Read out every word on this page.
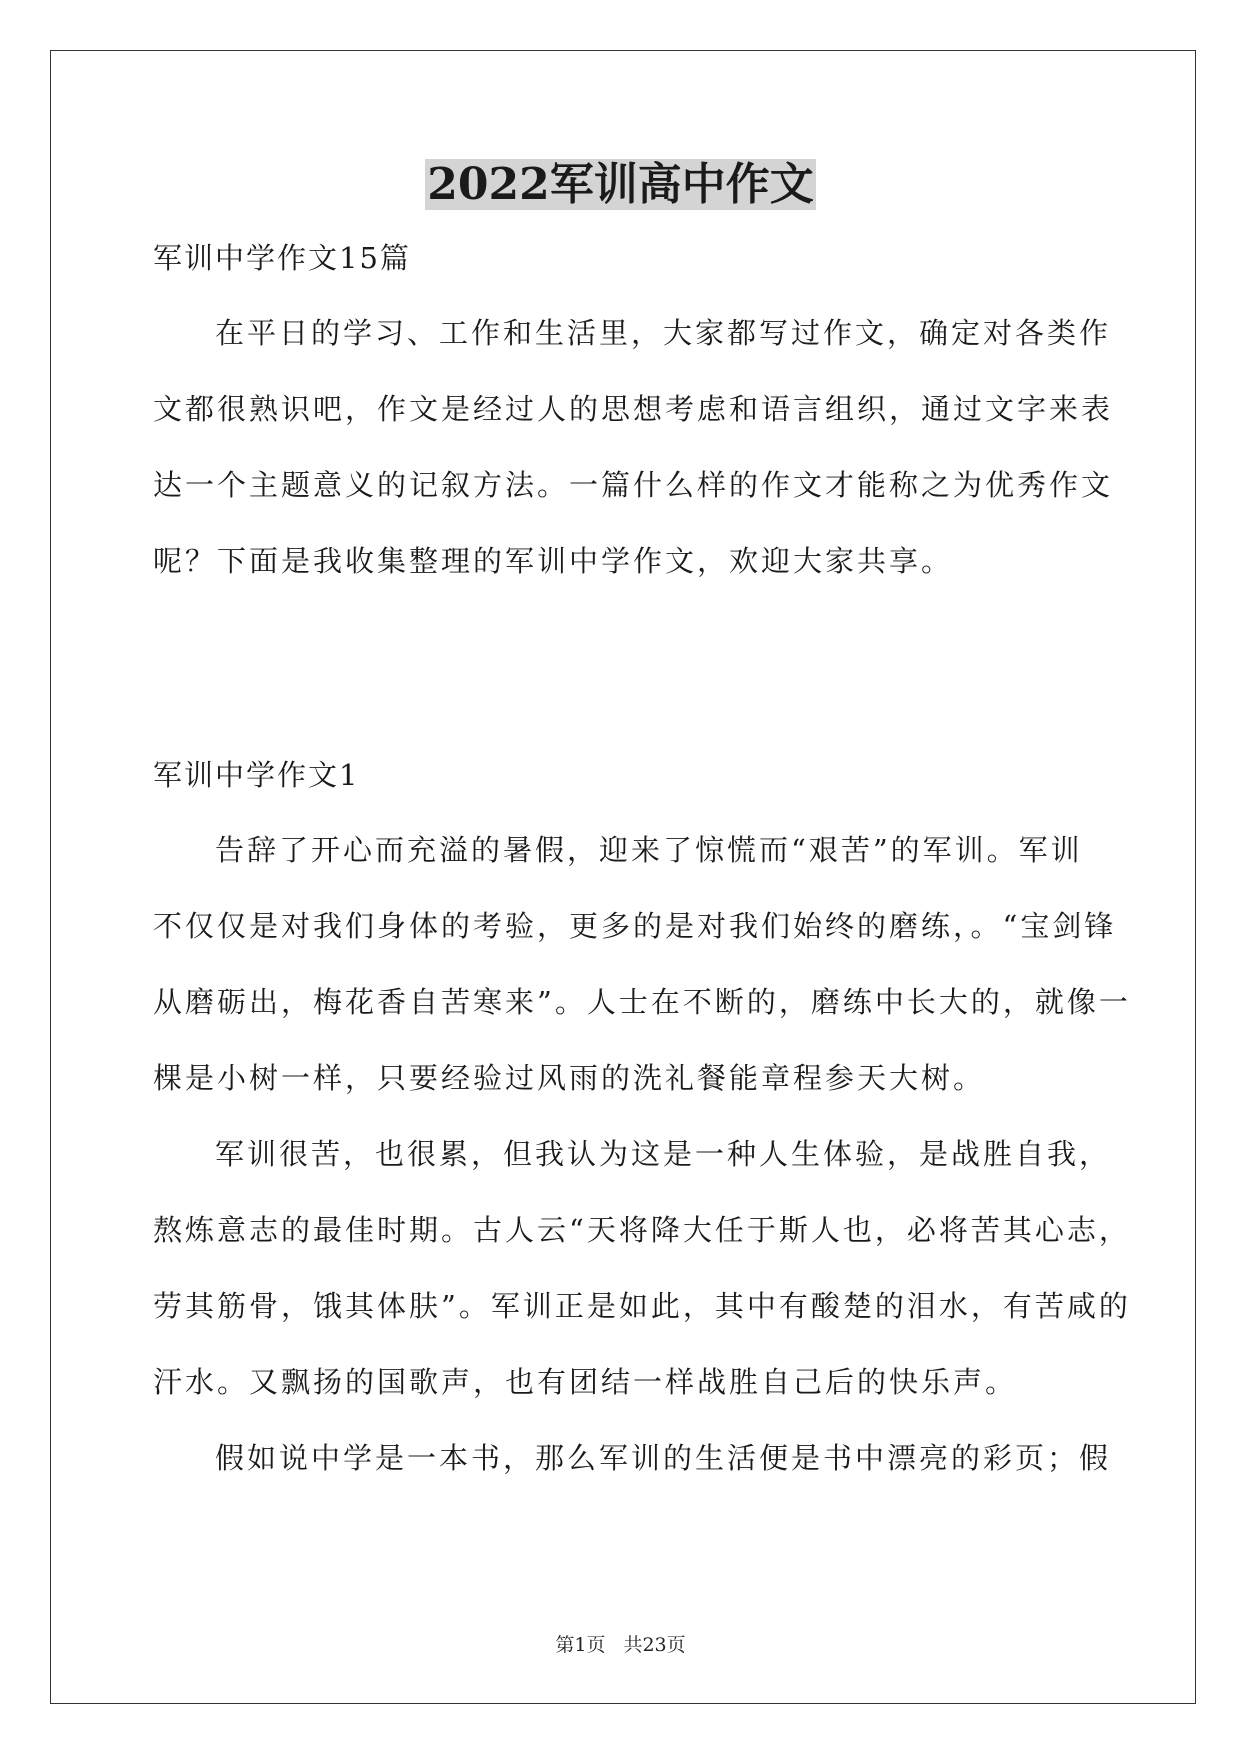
2022军训高中作文

军训中学作文15篇

在平日的学习、工作和生活里，大家都写过作文，确定对各类作
文都很熟识吧，作文是经过人的思想考虑和语言组织，通过文字来表
达一个主题意义的记叙方法。一篇什么样的作文才能称之为优秀作文
呢？下面是我收集整理的军训中学作文，欢迎大家共享。

军训中学作文1

告辞了开心而充溢的暑假，迎来了惊慌而“艰苦”的军训。军训
不仅仅是对我们身体的考验，更多的是对我们始终的磨练，。“宝剑锋
从磨砺出，梅花香自苦寒来”。人士在不断的，磨练中长大的，就像一
棵是小树一样，只要经验过风雨的洗礼餐能章程参天大树。
军训很苦，也很累，但我认为这是一种人生体验，是战胜自我，
熬炼意志的最佳时期。古人云“天将降大任于斯人也，必将苦其心志，
劳其筋骨，饿其体肤”。军训正是如此，其中有酸楚的泪水，有苦咸的
汗水。又飘扬的国歌声，也有团结一样战胜自己后的快乐声。
假如说中学是一本书，那么军训的生活便是书中漂亮的彩页；假
第1页 共23页
